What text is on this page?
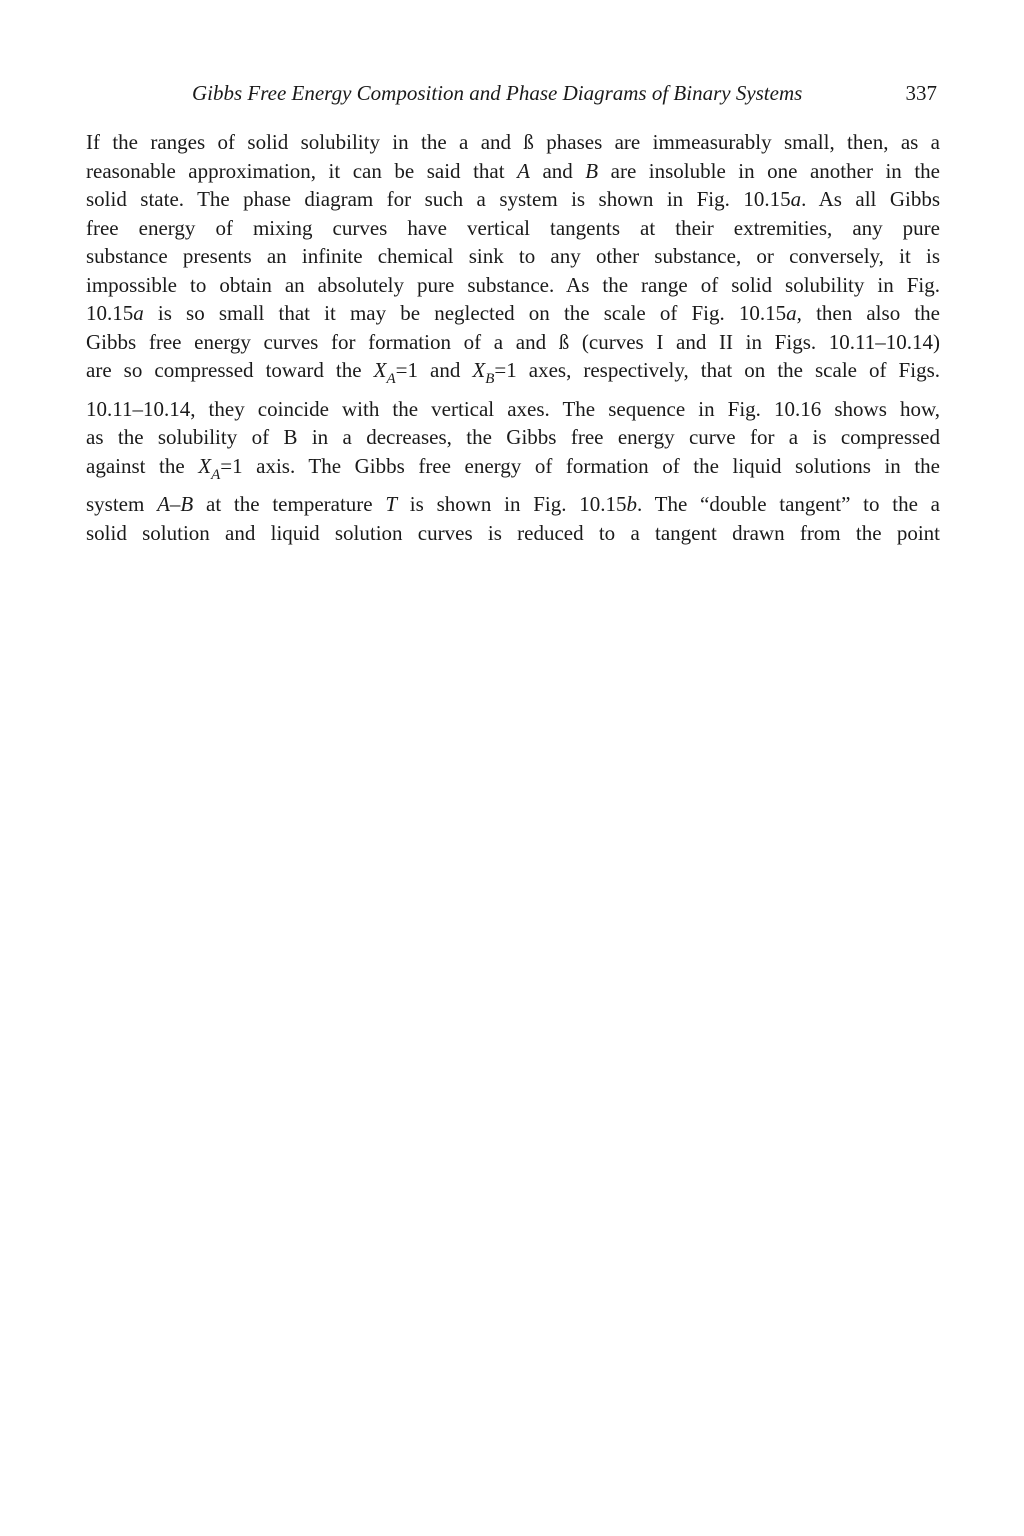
Gibbs Free Energy Composition and Phase Diagrams of Binary Systems	337
If the ranges of solid solubility in the a and ß phases are immeasurably small, then, as a
reasonable approximation, it can be said that A and B are insoluble in one another in the
solid state. The phase diagram for such a system is shown in Fig. 10.15a. As all Gibbs
free energy of mixing curves have vertical tangents at their extremities, any pure
substance presents an infinite chemical sink to any other substance, or conversely, it is
impossible to obtain an absolutely pure substance. As the range of solid solubility in Fig.
10.15a is so small that it may be neglected on the scale of Fig. 10.15a, then also the
Gibbs free energy curves for formation of a and ß (curves I and II in Figs. 10.11–10.14)
are so compressed toward the $X_A=1$ and $X_B=1$ axes, respectively, that on the scale of Figs.
10.11–10.14, they coincide with the vertical axes. The sequence in Fig. 10.16 shows how,
as the solubility of B in a decreases, the Gibbs free energy curve for a is compressed
against the $X_A=1$ axis. The Gibbs free energy of formation of the liquid solutions in the
system A–B at the temperature T is shown in Fig. 10.15b. The “double tangent” to the a
solid solution and liquid solution curves is reduced to a tangent drawn from the point
